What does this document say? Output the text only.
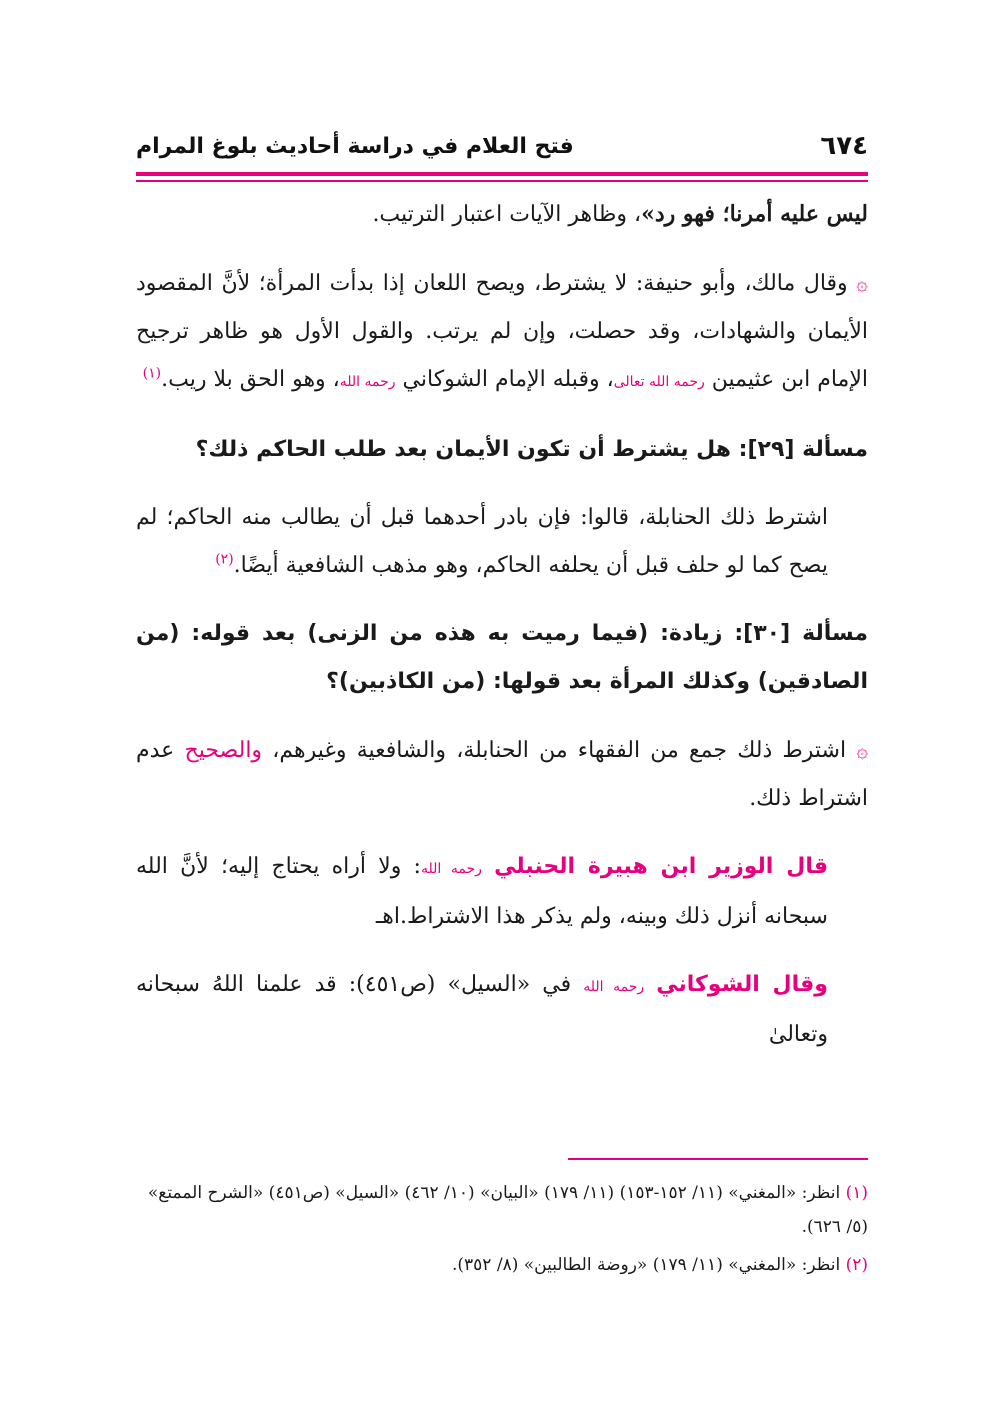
٦٧٤
فتح العلام في دراسة أحاديث بلوغ المرام

ليس عليه أمرنا؛ فهو رد»، وظاهر الآيات اعتبار الترتيب.

۞ وقال مالك، وأبو حنيفة: لا يشترط، ويصح اللعان إذا بدأت المرأة؛ لأنَّ المقصود الأيمان والشهادات، وقد حصلت، وإن لم يرتب. والقول الأول هو ظاهر ترجيح الإمام ابن عثيمين رحمه الله تعالى، وقبله الإمام الشوكاني رحمه الله، وهو الحق بلا ريب.$^{(١)}$

مسألة [٢٩]: هل يشترط أن تكون الأيمان بعد طلب الحاكم ذلك؟

اشترط ذلك الحنابلة، قالوا: فإن بادر أحدهما قبل أن يطالب منه الحاكم؛ لم يصح كما لو حلف قبل أن يحلفه الحاكم، وهو مذهب الشافعية أيضًا.$^{(٢)}$

مسألة [٣٠]: زيادة: (فيما رميت به هذه من الزنى) بعد قوله: (من الصادقين) وكذلك المرأة بعد قولها: (من الكاذبين)؟

۞ اشترط ذلك جمع من الفقهاء من الحنابلة، والشافعية وغيرهم، والصحيح عدم اشتراط ذلك.

قال الوزير ابن هبيرة الحنبلي رحمه الله: ولا أراه يحتاج إليه؛ لأنَّ الله سبحانه أنزل ذلك وبينه، ولم يذكر هذا الاشتراط.اهـ

وقال الشوكاني رحمه الله في «السيل» (ص٤٥١): قد علمنا اللهُ سبحانه وتعالىٰ

(١) انظر: «المغني» (١١/ ١٥٢-١٥٣) (١١/ ١٧٩) «البيان» (١٠/ ٤٦٢) «السيل» (ص٤٥١) «الشرح الممتع» (٥/ ٦٢٦).

(٢) انظر: «المغني» (١١/ ١٧٩) «روضة الطالبين» (٨/ ٣٥٢).
